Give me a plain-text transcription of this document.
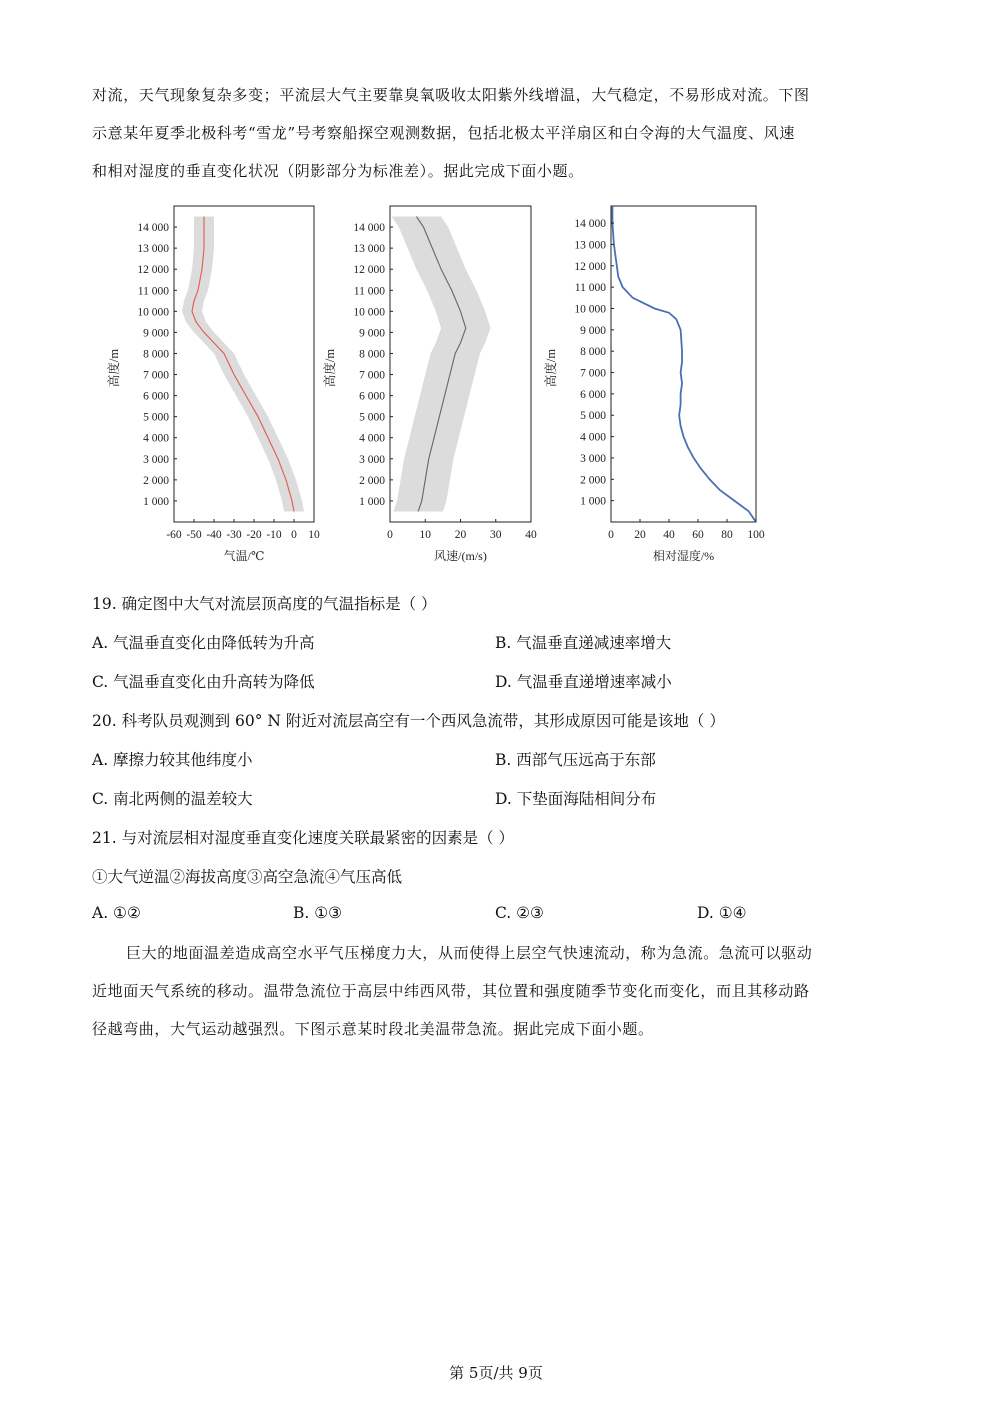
对流，天气现象复杂多变；平流层大气主要靠臭氧吸收太阳紫外线增温，大气稳定，不易形成对流。下图
示意某年夏季北极科考“雪龙”号考察船探空观测数据，包括北极太平洋扇区和白令海的大气温度、风速
和相对湿度的垂直变化状况（阴影部分为标准差）。据此完成下面小题。
1 000
2 000
3 000
4 000
5 000
6 000
7 000
8 000
9 000
10 000
11 000
12 000
13 000
14 000
-60 -50 -40 -30 -20 -10 0 10
气温/℃
高度/m
1 000
2 000
3 000
4 000
5 000
6 000
7 000
8 000
9 000
10 000
11 000
12 000
13 000
14 000
0 10 20 30 40
风速/(m/s)
高度/m
1 000
2 000
3 000
4 000
5 000
6 000
7 000
8 000
9 000
10 000
11 000
12 000
13 000
14 000
0 20 40 60 80 100
相对湿度/%
高度/m
19. 确定图中大气对流层顶高度的气温指标是（ ）
A. 气温垂直变化由降低转为升高	B. 气温垂直递减速率增大
C. 气温垂直变化由升高转为降低	D. 气温垂直递增速率减小
20. 科考队员观测到 60° N 附近对流层高空有一个西风急流带，其形成原因可能是该地（ ）
A. 摩擦力较其他纬度小	B. 西部气压远高于东部
C. 南北两侧的温差较大	D. 下垫面海陆相间分布
21. 与对流层相对湿度垂直变化速度关联最紧密的因素是（ ）
①大气逆温②海拔高度③高空急流④气压高低
A. ①②	B. ①③	C. ②③	D. ①④
巨大的地面温差造成高空水平气压梯度力大，从而使得上层空气快速流动，称为急流。急流可以驱动
近地面天气系统的移动。温带急流位于高层中纬西风带，其位置和强度随季节变化而变化，而且其移动路
径越弯曲，大气运动越强烈。下图示意某时段北美温带急流。据此完成下面小题。
第 5页/共 9页
